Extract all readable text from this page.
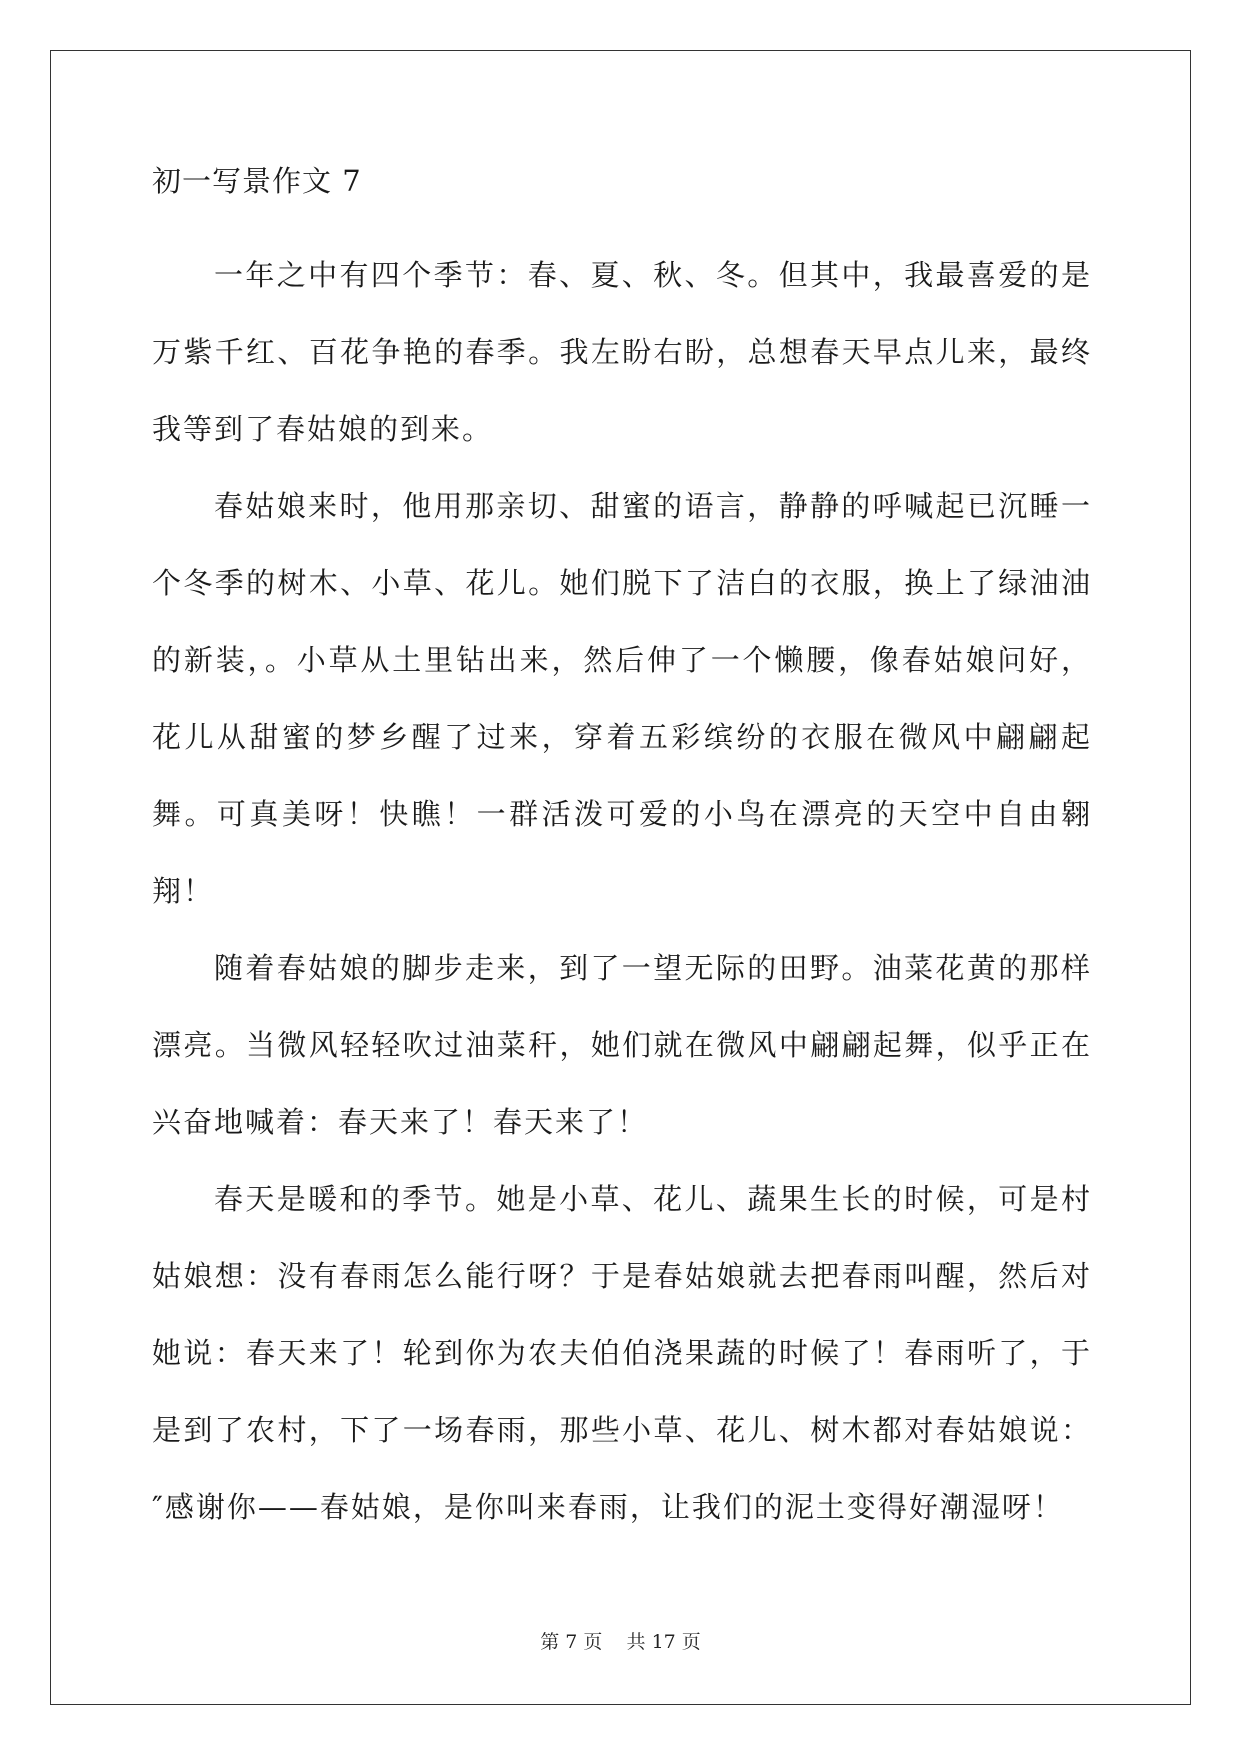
初一写景作文 7

一年之中有四个季节：春、夏、秋、冬。但其中，我最喜爱的是万紫千红、百花争艳的春季。我左盼右盼，总想春天早点儿来，最终我等到了春姑娘的到来。

春姑娘来时，他用那亲切、甜蜜的语言，静静的呼喊起已沉睡一个冬季的树木、小草、花儿。她们脱下了洁白的衣服，换上了绿油油的新装，。小草从土里钻出来，然后伸了一个懒腰，像春姑娘问好，花儿从甜蜜的梦乡醒了过来，穿着五彩缤纷的衣服在微风中翩翩起舞。可真美呀！快瞧！一群活泼可爱的小鸟在漂亮的天空中自由翱翔！

随着春姑娘的脚步走来，到了一望无际的田野。油菜花黄的那样漂亮。当微风轻轻吹过油菜秆，她们就在微风中翩翩起舞，似乎正在兴奋地喊着：春天来了！春天来了！

春天是暖和的季节。她是小草、花儿、蔬果生长的时候，可是村姑娘想：没有春雨怎么能行呀？于是春姑娘就去把春雨叫醒，然后对她说：春天来了！轮到你为农夫伯伯浇果蔬的时候了！春雨听了，于是到了农村，下了一场春雨，那些小草、花儿、树木都对春姑娘说：″感谢你——春姑娘，是你叫来春雨，让我们的泥土变得好潮湿呀！

第 7 页    共 17 页
